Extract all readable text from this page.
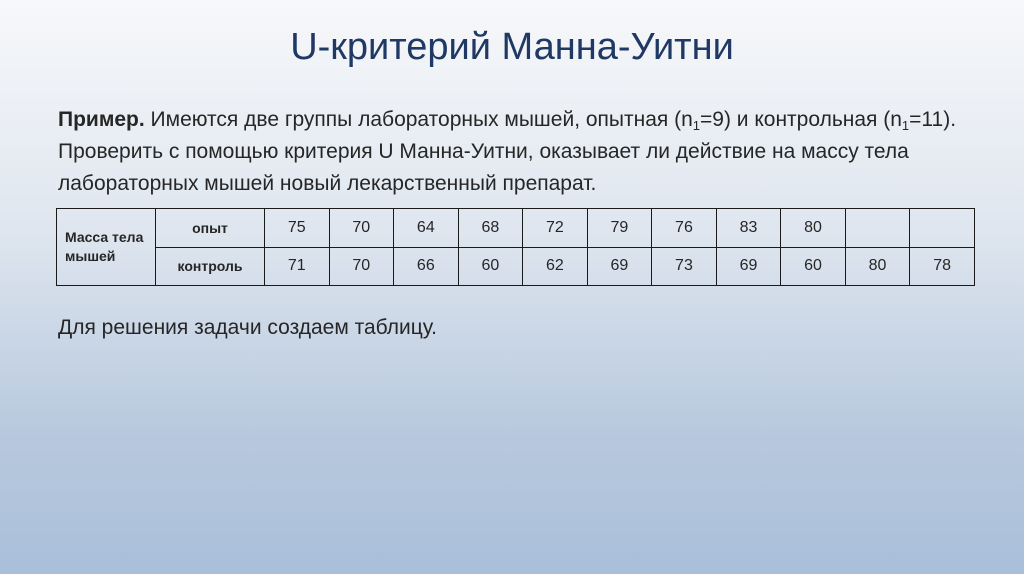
U-критерий Манна-Уитни
Пример. Имеются две группы лабораторных мышей, опытная $(n_1=9)$ и контрольная $(n_1=11)$. Проверить с помощью критерия U Манна-Уитни, оказывает ли действие на массу тела лабораторных мышей новый лекарственный препарат.
Масса тела мышей	опыт	75	70	64	68	72	79	76	83	80		
	контроль	71	70	66	60	62	69	73	69	60	80	78
Для решения задачи создаем таблицу.
